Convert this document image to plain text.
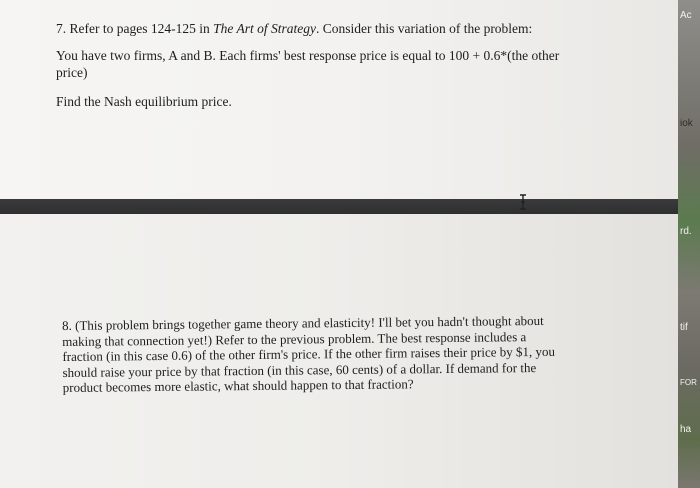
7. Refer to pages 124-125 in The Art of Strategy. Consider this variation of the problem:

You have two firms, A and B. Each firms' best response price is equal to 100 + 0.6*(the other

price)

Find the Nash equilibrium price.

8. (This problem brings together game theory and elasticity! I'll bet you hadn't thought about

making that connection yet!) Refer to the previous problem. The best response includes a

fraction (in this case 0.6) of the other firm's price. If the other firm raises their price by $1, you

should raise your price by that fraction (in this case, 60 cents) of a dollar. If demand for the

product becomes more elastic, what should happen to that fraction?

Ac
iok
rd.
tif
FOR
ha
